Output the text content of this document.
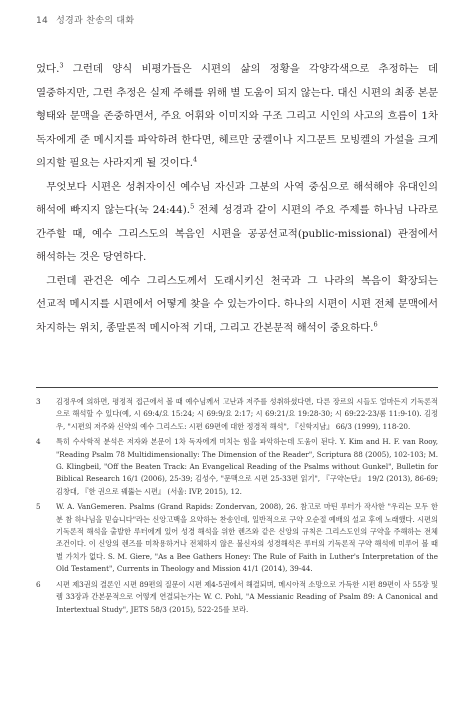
14 성경과 찬송의 대화

었다.$^3$ 그런데 양식 비평가들은 시편의 삶의 정황을 각양각색으로 추정하는 데 열중하지만, 그런 추정은 실제 주해를 위해 별 도움이 되지 않는다. 대신 시편의 최종 본문 형태와 문맥을 존중하면서, 주요 어휘와 이미지와 구조 그리고 시인의 사고의 흐름이 1차 독자에게 준 메시지를 파악하려 한다면, 헤르만 궁켈이나 지그문트 모빙켈의 가설을 크게 의지할 필요는 사라지게 될 것이다.$^4$

무엇보다 시편은 성취자이신 예수님 자신과 그분의 사역 중심으로 해석해야 유대인의 해석에 빠지지 않는다(눅 24:44).$^5$ 전체 성경과 같이 시편의 주요 주제를 하나님 나라로 간주할 때, 예수 그리스도의 복음인 시편을 공공선교적(public-missional) 관점에서 해석하는 것은 당연하다.

그런데 관건은 예수 그리스도께서 도래시키신 천국과 그 나라의 복음이 확장되는 선교적 메시지를 시편에서 어떻게 찾을 수 있는가이다. 하나의 시편이 시편 전체 문맥에서 차지하는 위치, 종말론적 메시아적 기대, 그리고 간본문적 해석이 중요하다.$^6$

3	김정우에 의하면, 평정적 접근에서 볼 때 예수님께서 고난과 저주를 성취하셨다면, 다른 장르의 시들도 얼마든지 기독론적으로 해석할 수 있다(예, 시 69:4/요 15:24; 시 69:9/요 2:17; 시 69:21/요 19:28-30; 시 69:22-23/롬 11:9-10). 김정우, "시편의 저주와 신약의 예수 그리스도: 시편 69편에 대한 정경적 해석", 『신학지남』 66/3 (1999), 118-20.
4	특히 수사학적 분석은 저자와 본문이 1차 독자에게 미치는 힘을 파악하는데 도움이 된다. Y. Kim and H. F. van Rooy, "Reading Psalm 78 Multidimensionally: The Dimension of the Reader", Scriptura 88 (2005), 102-103; M. G. Klingbeil, "Off the Beaten Track: An Evangelical Reading of the Psalms without Gunkel", Bulletin for Biblical Research 16/1 (2006), 25-39; 김성수, "문맥으로 시편 25-33편 읽기", 『구약논단』 19/2 (2013), 86-69; 김창대, 『한 권으로 꿰뚫는 시편』 (서울: IVP, 2015), 12.
5	W. A. VanGemeren. Psalms (Grand Rapids: Zondervan, 2008), 26. 참고로 마틴 루터가 작사한 "우리는 모두 한 분 참 하나님을 믿습니다"라는 신앙고백을 요약하는 찬송인데, 일반적으로 구약 오순절 예배의 설교 후에 노래했다. 시편의 기독론적 해석을 출발한 루터에게 있어 성경 해석을 위한 렌즈와 같은 신앙의 규칙은 그리스도인의 구약을 주해하는 전체 조건이다. 이 신앙의 렌즈를 미착용하거나 전체하지 않은 불신자의 성경해석은 루터의 기독론적 구약 해석에 미루어 볼 때 별 가치가 없다. S. M. Giere, "As a Bee Gathers Honey: The Rule of Faith in Luther's Interpretation of the Old Testament", Currents in Theology and Mission 41/1 (2014), 39-44.
6	시편 제3권의 결론인 시편 89편의 질문이 시편 제4-5권에서 해결되며, 메시아적 소망으로 가득한 시편 89편이 사 55장 및 렘 33장과 간본문적으로 어떻게 연결되는가는 W. C. Pohl, "A Messianic Reading of Psalm 89: A Canonical and Intertextual Study", JETS 58/3 (2015), 522-25를 보라.
